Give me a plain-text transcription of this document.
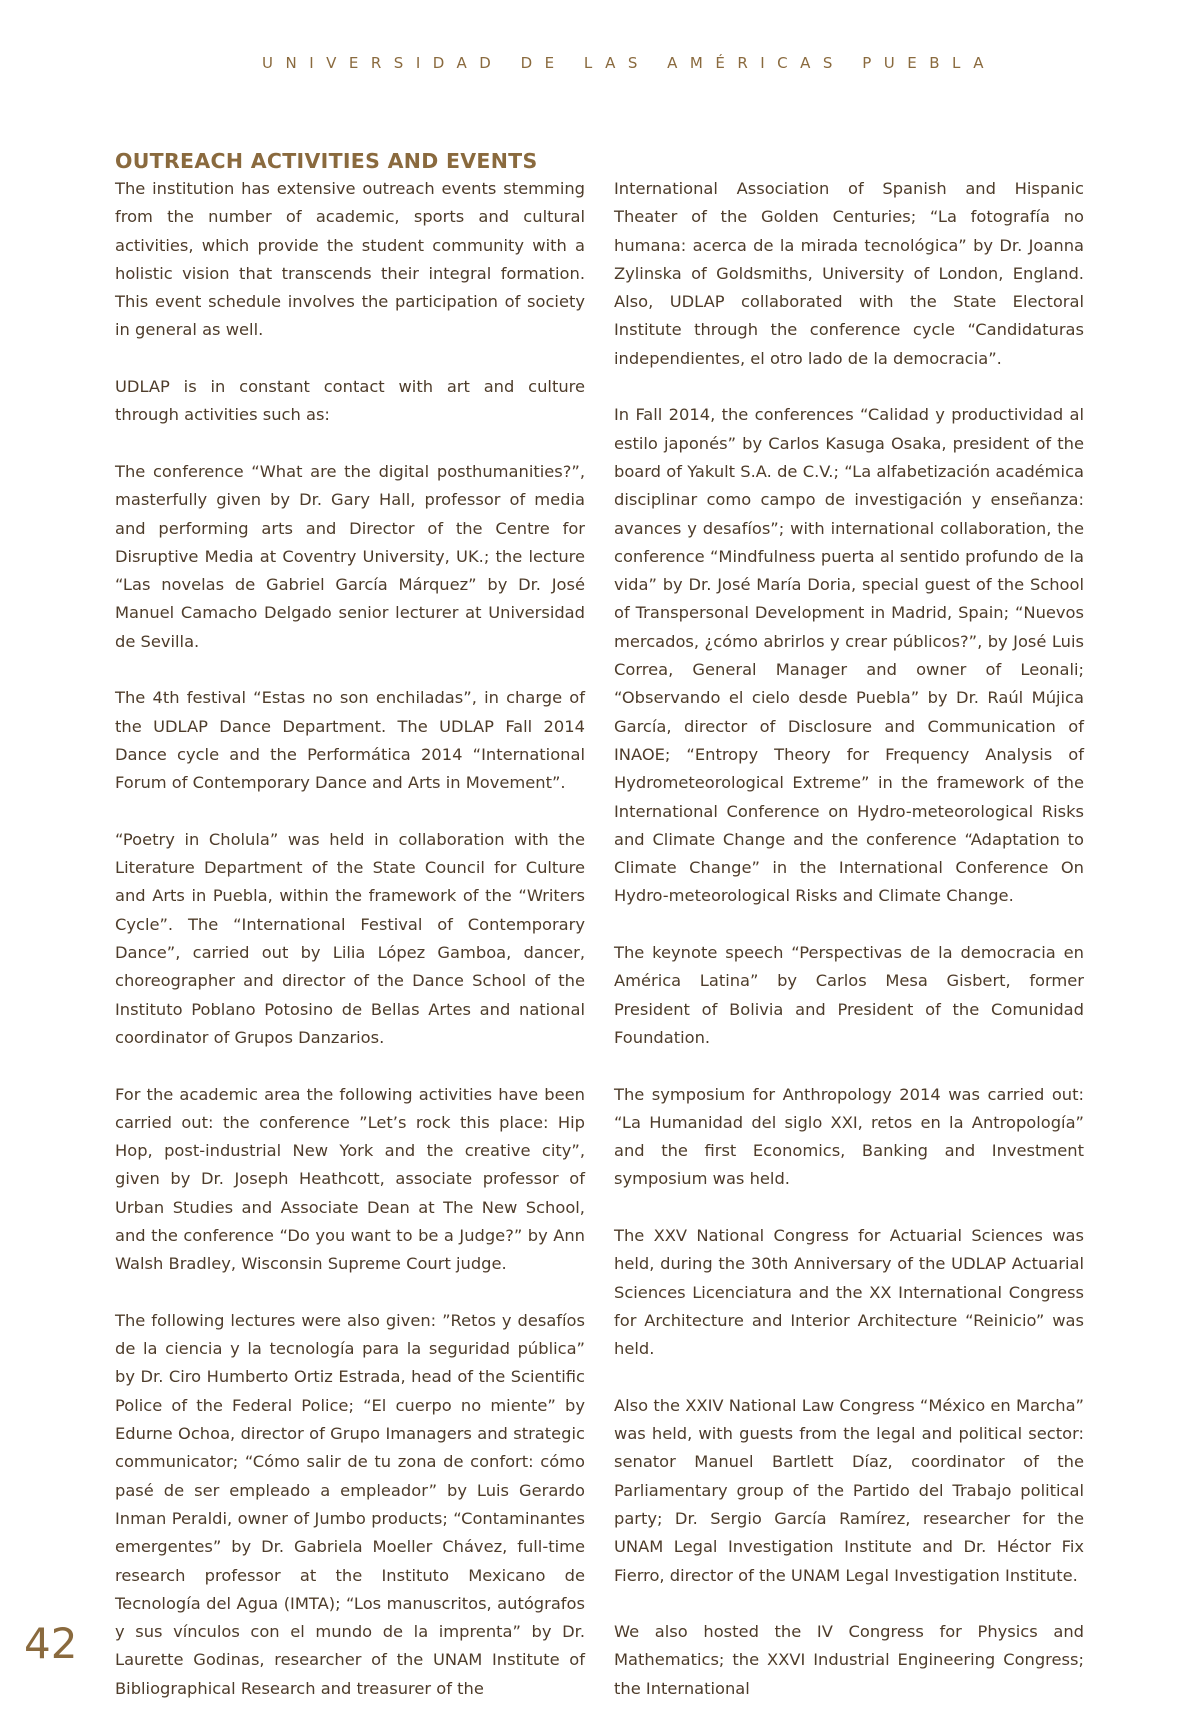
UNIVERSIDAD DE LAS AMÉRICAS PUEBLA
OUTREACH ACTIVITIES AND EVENTS

The institution has extensive outreach events stemming from the number of academic, sports and cultural activities, which provide the student community with a holistic vision that transcends their integral formation. This event schedule involves the participation of society in general as well.

UDLAP is in constant contact with art and culture through activities such as:

The conference “What are the digital posthumanities?”, masterfully given by Dr. Gary Hall, professor of media and performing arts and Director of the Centre for Disruptive Media at Coventry University, UK.; the lecture “Las novelas de Gabriel García Márquez” by Dr. José Manuel Camacho Delgado senior lecturer at Universidad de Sevilla.

The 4th festival “Estas no son enchiladas”, in charge of the UDLAP Dance Department. The UDLAP Fall 2014 Dance cycle and the Performática 2014 “International Forum of Contemporary Dance and Arts in Movement”.

“Poetry in Cholula” was held in collaboration with the Literature Department of the State Council for Culture and Arts in Puebla, within the framework of the “Writers Cycle”. The “International Festival of Contemporary Dance”, carried out by Lilia López Gamboa, dancer, choreographer and director of the Dance School of the Instituto Poblano Potosino de Bellas Artes and national coordinator of Grupos Danzarios.

For the academic area the following activities have been carried out: the conference ”Let’s rock this place: Hip Hop, post-industrial New York and the creative city”, given by Dr. Joseph Heathcott, associate professor of Urban Studies and Associate Dean at The New School, and the conference “Do you want to be a Judge?” by Ann Walsh Bradley, Wisconsin Supreme Court judge.

The following lectures were also given: ”Retos y desafíos de la ciencia y la tecnología para la seguridad pública” by Dr. Ciro Humberto Ortiz Estrada, head of the Scientific Police of the Federal Police; “El cuerpo no miente” by Edurne Ochoa, director of Grupo Imanagers and strategic communicator; “Cómo salir de tu zona de confort: cómo pasé de ser empleado a empleador” by Luis Gerardo Inman Peraldi, owner of Jumbo products; “Contaminantes emergentes” by Dr. Gabriela Moeller Chávez, full-time research professor at the Instituto Mexicano de Tecnología del Agua (IMTA); “Los manuscritos, autógrafos y sus vínculos con el mundo de la imprenta” by Dr. Laurette Godinas, researcher of the UNAM Institute of Bibliographical Research and treasurer of the

International Association of Spanish and Hispanic Theater of the Golden Centuries; “La fotografía no humana: acerca de la mirada tecnológica” by Dr. Joanna Zylinska of Goldsmiths, University of London, England. Also, UDLAP collaborated with the State Electoral Institute through the conference cycle “Candidaturas independientes, el otro lado de la democracia”.

In Fall 2014, the conferences “Calidad y productividad al estilo japonés” by Carlos Kasuga Osaka, president of the board of Yakult S.A. de C.V.; “La alfabetización académica disciplinar como campo de investigación y enseñanza: avances y desafíos”; with international collaboration, the conference “Mindfulness puerta al sentido profundo de la vida” by Dr. José María Doria, special guest of the School of Transpersonal Development in Madrid, Spain; “Nuevos mercados, ¿cómo abrirlos y crear públicos?”, by José Luis Correa, General Manager and owner of Leonali; “Observando el cielo desde Puebla” by Dr. Raúl Mújica García, director of Disclosure and Communication of INAOE; “Entropy Theory for Frequency Analysis of Hydrometeorological Extreme” in the framework of the International Conference on Hydro-meteorological Risks and Climate Change and the conference “Adaptation to Climate Change” in the International Conference On Hydro-meteorological Risks and Climate Change.

The keynote speech “Perspectivas de la democracia en América Latina” by Carlos Mesa Gisbert, former President of Bolivia and President of the Comunidad Foundation.

The symposium for Anthropology 2014 was carried out: “La Humanidad del siglo XXI, retos en la Antropología” and the first Economics, Banking and Investment symposium was held.

The XXV National Congress for Actuarial Sciences was held, during the 30th Anniversary of the UDLAP Actuarial Sciences Licenciatura and the XX International Congress for Architecture and Interior Architecture “Reinicio” was held.

Also the XXIV National Law Congress “México en Marcha” was held, with guests from the legal and political sector: senator Manuel Bartlett Díaz, coordinator of the Parliamentary group of the Partido del Trabajo political party; Dr. Sergio García Ramírez, researcher for the UNAM Legal Investigation Institute and Dr. Héctor Fix Fierro, director of the UNAM Legal Investigation Institute.

We also hosted the IV Congress for Physics and Mathematics; the XXVI Industrial Engineering Congress; the International

42
